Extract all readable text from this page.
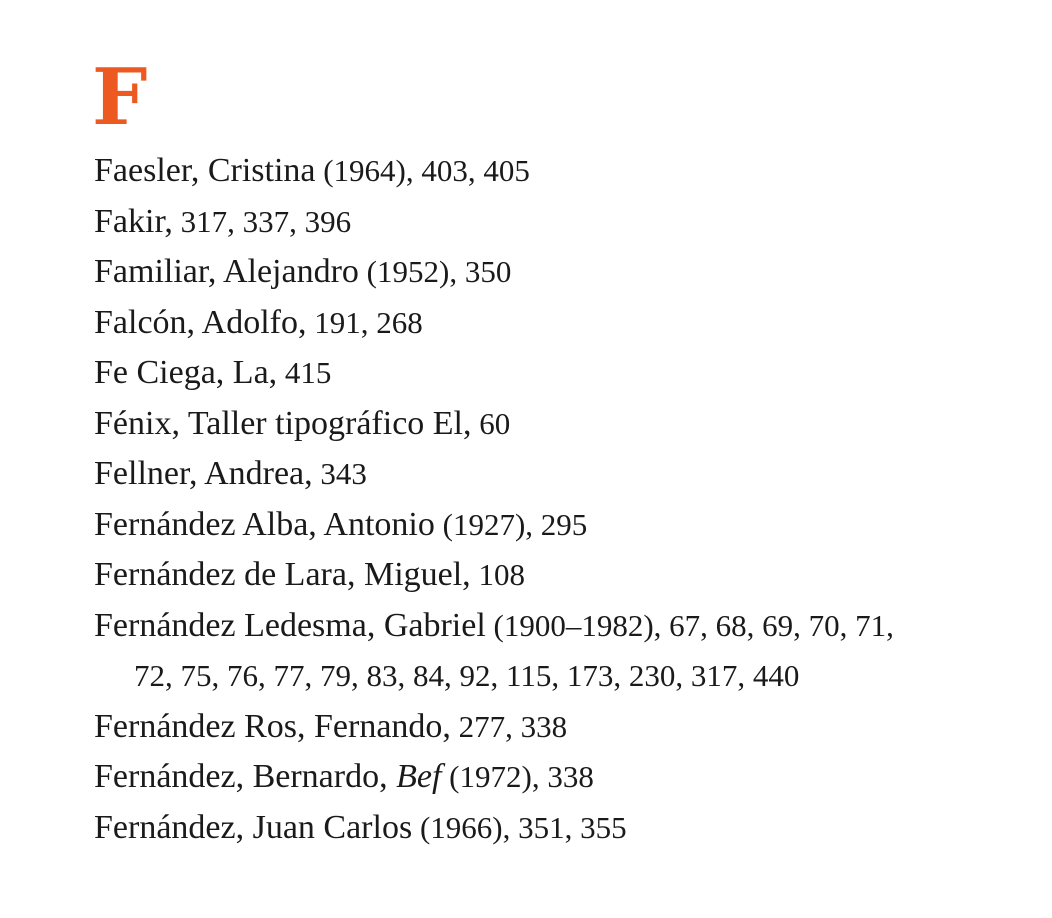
F
Faesler, Cristina (1964), 403, 405
Fakir, 317, 337, 396
Familiar, Alejandro (1952), 350
Falcón, Adolfo, 191, 268
Fe Ciega, La, 415
Fénix, Taller tipográfico El, 60
Fellner, Andrea, 343
Fernández Alba, Antonio (1927), 295
Fernández de Lara, Miguel, 108
Fernández Ledesma, Gabriel (1900–1982), 67, 68, 69, 70, 71,
72, 75, 76, 77, 79, 83, 84, 92, 115, 173, 230, 317, 440
Fernández Ros, Fernando, 277, 338
Fernández, Bernardo, Bef (1972), 338
Fernández, Juan Carlos (1966), 351, 355
